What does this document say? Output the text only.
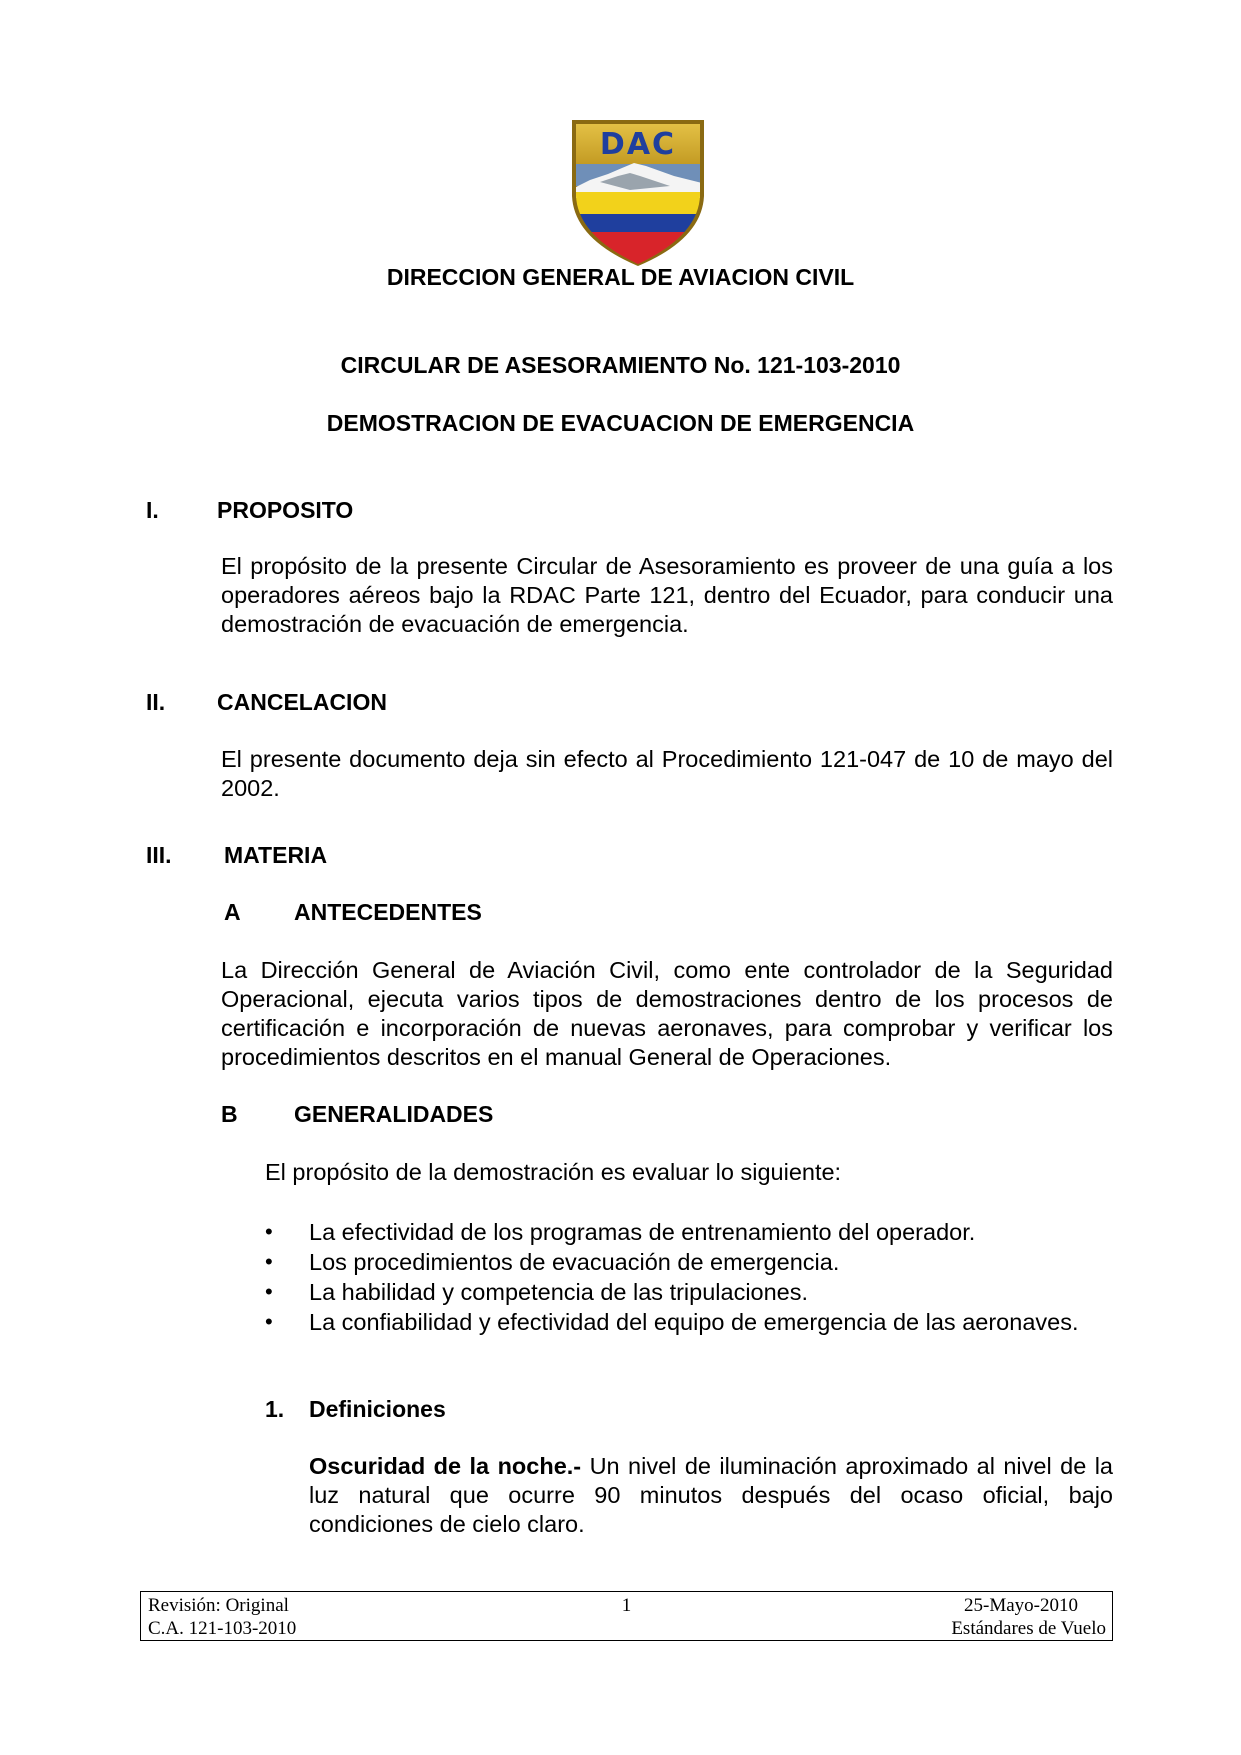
DAC
DIRECCION GENERAL DE AVIACION CIVIL
CIRCULAR DE ASESORAMIENTO No. 121-103-2010
DEMOSTRACION DE EVACUACION DE EMERGENCIA
I.	PROPOSITO
El propósito de la presente Circular de Asesoramiento es proveer de una guía a los operadores aéreos bajo la RDAC Parte 121, dentro del Ecuador, para conducir una demostración de evacuación de emergencia.
II. CANCELACION
El presente documento deja sin efecto al Procedimiento 121-047 de 10 de mayo del 2002.
III. MATERIA
A ANTECEDENTES
La Dirección General de Aviación Civil, como ente controlador de la Seguridad Operacional, ejecuta varios tipos de demostraciones dentro de los procesos de certificación e incorporación de nuevas aeronaves, para comprobar y verificar los procedimientos descritos en el manual General de Operaciones.
B GENERALIDADES
El propósito de la demostración es evaluar lo siguiente:
• La efectividad de los programas de entrenamiento del operador.
• Los procedimientos de evacuación de emergencia.
• La habilidad y competencia de las tripulaciones.
• La confiabilidad y efectividad del equipo de emergencia de las aeronaves.
1. Definiciones
Oscuridad de la noche.- Un nivel de iluminación aproximado al nivel de la luz natural que ocurre 90 minutos después del ocaso oficial, bajo condiciones de cielo claro.
Revisión: Original	1	25-Mayo-2010
C.A. 121-103-2010	Estándares de Vuelo
